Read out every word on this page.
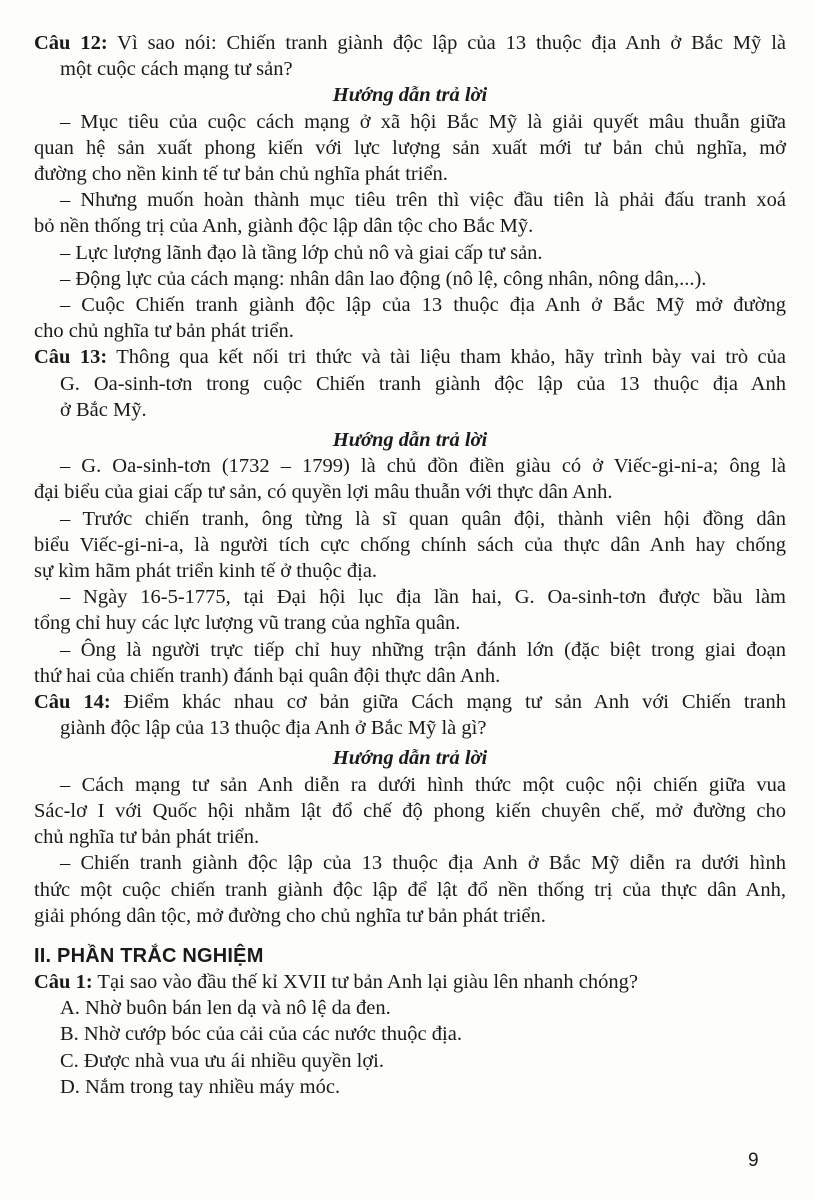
Câu 12: Vì sao nói: Chiến tranh giành độc lập của 13 thuộc địa Anh ở Bắc Mỹ là
một cuộc cách mạng tư sản?
Hướng dẫn trả lời
– Mục tiêu của cuộc cách mạng ở xã hội Bắc Mỹ là giải quyết mâu thuẫn giữa
quan hệ sản xuất phong kiến với lực lượng sản xuất mới tư bản chủ nghĩa, mở
đường cho nền kinh tế tư bản chủ nghĩa phát triển.
– Nhưng muốn hoàn thành mục tiêu trên thì việc đầu tiên là phải đấu tranh xoá
bỏ nền thống trị của Anh, giành độc lập dân tộc cho Bắc Mỹ.
– Lực lượng lãnh đạo là tầng lớp chủ nô và giai cấp tư sản.
– Động lực của cách mạng: nhân dân lao động (nô lệ, công nhân, nông dân,...).
– Cuộc Chiến tranh giành độc lập của 13 thuộc địa Anh ở Bắc Mỹ mở đường
cho chủ nghĩa tư bản phát triển.
Câu 13: Thông qua kết nối tri thức và tài liệu tham khảo, hãy trình bày vai trò của
G. Oa-sinh-tơn trong cuộc Chiến tranh giành độc lập của 13 thuộc địa Anh
ở Bắc Mỹ.
Hướng dẫn trả lời
– G. Oa-sinh-tơn (1732 – 1799) là chủ đồn điền giàu có ở Viếc-gi-ni-a; ông là
đại biểu của giai cấp tư sản, có quyền lợi mâu thuẫn với thực dân Anh.
– Trước chiến tranh, ông từng là sĩ quan quân đội, thành viên hội đồng dân
biểu Viếc-gi-ni-a, là người tích cực chống chính sách của thực dân Anh hay chống
sự kìm hãm phát triển kinh tế ở thuộc địa.
– Ngày 16-5-1775, tại Đại hội lục địa lần hai, G. Oa-sinh-tơn được bầu làm
tổng chỉ huy các lực lượng vũ trang của nghĩa quân.
– Ông là người trực tiếp chỉ huy những trận đánh lớn (đặc biệt trong giai đoạn
thứ hai của chiến tranh) đánh bại quân đội thực dân Anh.
Câu 14: Điểm khác nhau cơ bản giữa Cách mạng tư sản Anh với Chiến tranh
giành độc lập của 13 thuộc địa Anh ở Bắc Mỹ là gì?
Hướng dẫn trả lời
– Cách mạng tư sản Anh diễn ra dưới hình thức một cuộc nội chiến giữa vua
Sác-lơ I với Quốc hội nhằm lật đổ chế độ phong kiến chuyên chế, mở đường cho
chủ nghĩa tư bản phát triển.
– Chiến tranh giành độc lập của 13 thuộc địa Anh ở Bắc Mỹ diễn ra dưới hình
thức một cuộc chiến tranh giành độc lập để lật đổ nền thống trị của thực dân Anh,
giải phóng dân tộc, mở đường cho chủ nghĩa tư bản phát triển.
II. PHẦN TRẮC NGHIỆM
Câu 1: Tại sao vào đầu thế kỉ XVII tư bản Anh lại giàu lên nhanh chóng?
A. Nhờ buôn bán len dạ và nô lệ da đen.
B. Nhờ cướp bóc của cải của các nước thuộc địa.
C. Được nhà vua ưu ái nhiều quyền lợi.
D. Nắm trong tay nhiều máy móc.
9
